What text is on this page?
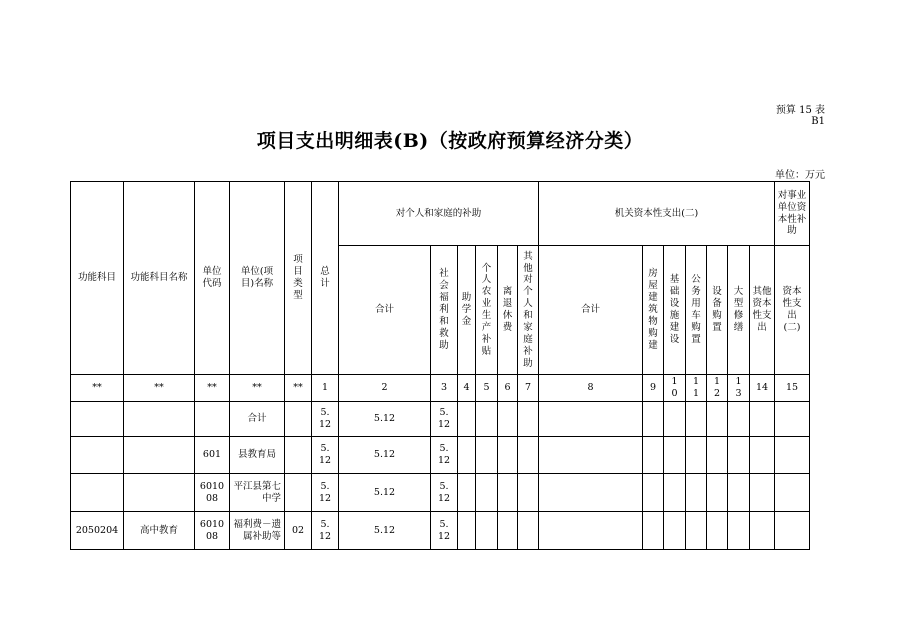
预算 15 表 B1
项目支出明细表(B)（按政府预算经济分类）
单位：万元
功能科目	功能科目名称	单位代码	单位(项目)名称	项目类型	总计	对个人和家庭的补助						机关资本性支出(二)							对事业单位资本性补助
						合计	社会福利和救助	助学金	个人农业生产补贴	离退休费	其他对个人和家庭补助	合计	房屋建筑物购建	基础设施建设	公务用车购置	设备购置	大型修缮	其他资本性支出	资本性支出(二)
**	**	**	**	**	1	2	3	4	5	6	7	8	9	10	11	12	13	14	15
			合计		5.12	5.12	5.12												
		601	县教育局		5.12	5.12	5.12												
		601008	平江县第七中学		5.12	5.12	5.12												
2050204	高中教育	601008	福利费－遗属补助等	02	5.12	5.12	5.12												
